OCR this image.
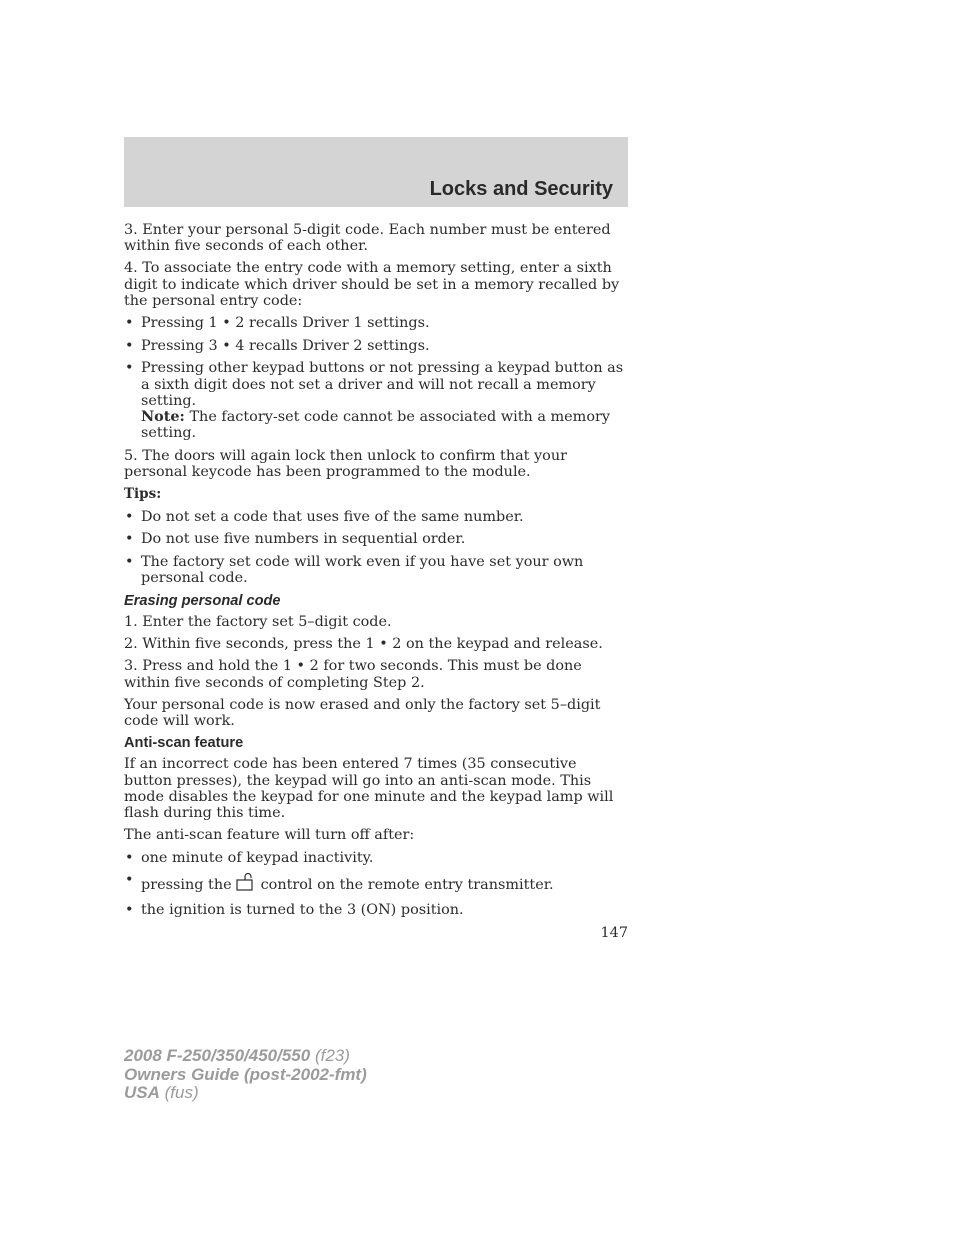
Locks and Security

3. Enter your personal 5-digit code. Each number must be entered within five seconds of each other.

4. To associate the entry code with a memory setting, enter a sixth digit to indicate which driver should be set in a memory recalled by the personal entry code:

• Pressing 1 • 2 recalls Driver 1 settings.
• Pressing 3 • 4 recalls Driver 2 settings.
• Pressing other keypad buttons or not pressing a keypad button as a sixth digit does not set a driver and will not recall a memory setting.
Note: The factory-set code cannot be associated with a memory setting.

5. The doors will again lock then unlock to confirm that your personal keycode has been programmed to the module.

Tips:
• Do not set a code that uses five of the same number.
• Do not use five numbers in sequential order.
• The factory set code will work even if you have set your own personal code.
Erasing personal code

1. Enter the factory set 5–digit code.

2. Within five seconds, press the 1 • 2 on the keypad and release.

3. Press and hold the 1 • 2 for two seconds. This must be done within five seconds of completing Step 2.

Your personal code is now erased and only the factory set 5–digit code will work.

Anti-scan feature

If an incorrect code has been entered 7 times (35 consecutive button presses), the keypad will go into an anti-scan mode. This mode disables the keypad for one minute and the keypad lamp will flash during this time.

The anti-scan feature will turn off after:

• one minute of keypad inactivity.
• pressing the control on the remote entry transmitter.
• the ignition is turned to the 3 (ON) position.
147
2008 F-250/350/450/550 (f23)
Owners Guide (post-2002-fmt)
USA (fus)
